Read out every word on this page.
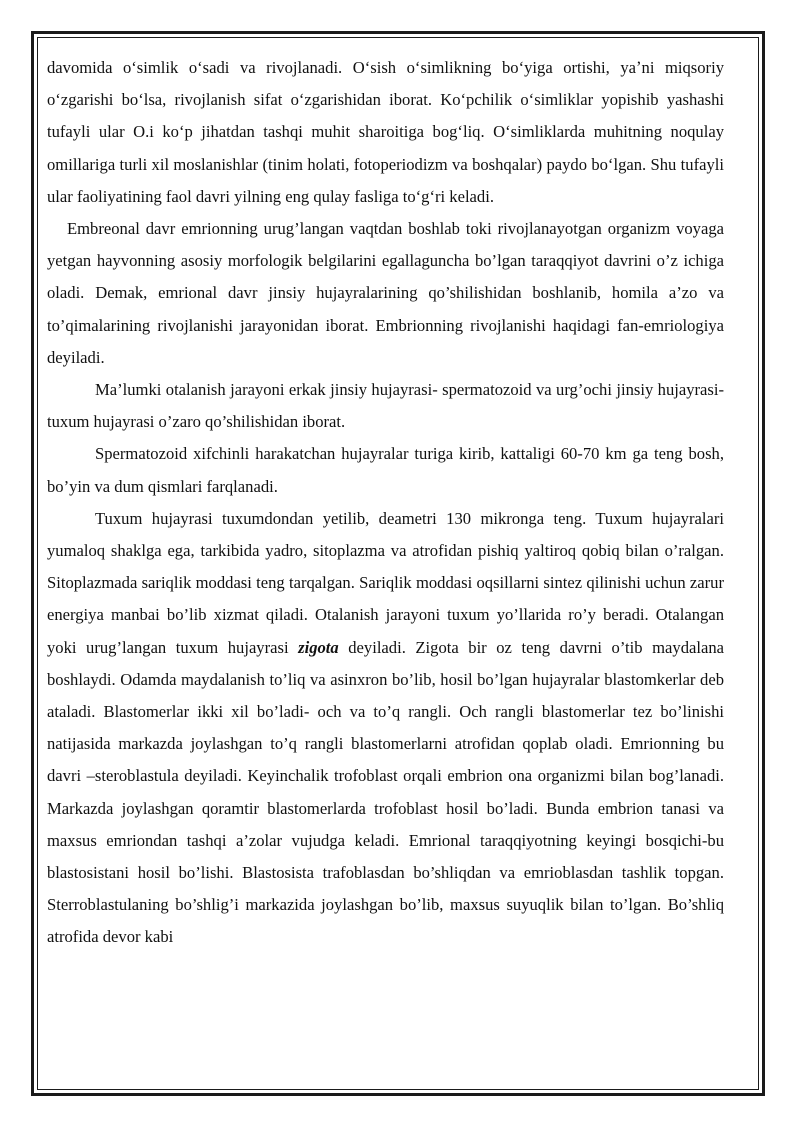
davomida oʻsimlik oʻsadi va rivojlanadi. Oʻsish oʻsimlikning boʻyiga ortishi, yaʼni miqsoriy oʻzgarishi boʻlsa, rivojlanish sifat oʻzgarishidan iborat. Koʻpchilik oʻsimliklar yopishib yashashi tufayli ular O.i koʻp jihatdan tashqi muhit sharoitiga bogʻliq. Oʻsimliklarda muhitning noqulay omillariga turli xil moslanishlar (tinim holati, fotoperiodizm va boshqalar) paydo boʻlgan. Shu tufayli ular faoliyatining faol davri yilning eng qulay fasliga toʻgʻri keladi.

Embreonal davr emrionning urug’langan vaqtdan boshlab toki rivojlanayotgan organizm voyaga yetgan hayvonning asosiy morfologik belgilarini egallaguncha bo’lgan taraqqiyot davrini o’z ichiga oladi. Demak, emrional davr jinsiy hujayralarining qo’shilishidan boshlanib, homila a’zo va to’qimalarining rivojlanishi jarayonidan iborat. Embrionning rivojlanishi haqidagi fan-emriologiya deyiladi.

Ma’lumki otalanish jarayoni erkak jinsiy hujayrasi- spermatozoid va urg’ochi jinsiy hujayrasi-tuxum hujayrasi o’zaro qo’shilishidan iborat.

Spermatozoid xifchinli harakatchan hujayralar turiga kirib, kattaligi 60-70 km ga teng bosh, bo’yin va dum qismlari farqlanadi.

Tuxum hujayrasi tuxumdondan yetilib, deametri 130 mikronga teng. Tuxum hujayralari yumaloq shaklga ega, tarkibida yadro, sitoplazma va atrofidan pishiq yaltiroq qobiq bilan o’ralgan. Sitoplazmada sariqlik moddasi teng tarqalgan. Sariqlik moddasi oqsillarni sintez qilinishi uchun zarur energiya manbai bo’lib xizmat qiladi. Otalanish jarayoni tuxum yo’llarida ro’y beradi. Otalangan yoki urug’langan tuxum hujayrasi zigota deyiladi. Zigota bir oz teng davrni o’tib maydalana boshlaydi. Odamda maydalanish to’liq va asinxron bo’lib, hosil bo’lgan hujayralar blastomkerlar deb ataladi. Blastomerlar ikki xil bo’ladi- och va to’q rangli. Och rangli blastomerlar tez bo’linishi natijasida markazda joylashgan to’q rangli blastomerlarni atrofidan qoplab oladi. Emrionning bu davri –steroblastula deyiladi. Keyinchalik trofoblast orqali embrion ona organizmi bilan bog’lanadi. Markazda joylashgan qoramtir blastomerlarda trofoblast hosil bo’ladi. Bunda embrion tanasi va maxsus emriondan tashqi a’zolar vujudga keladi. Emrional taraqqiyotning keyingi bosqichi-bu blastosistani hosil bo’lishi. Blastosista trafoblasdan bo’shliqdan va emrioblasdan tashlik topgan. Sterroblastulaning bo’shlig’i markazida joylashgan bo’lib, maxsus suyuqlik bilan to’lgan. Bo’shliq atrofida devor kabi
